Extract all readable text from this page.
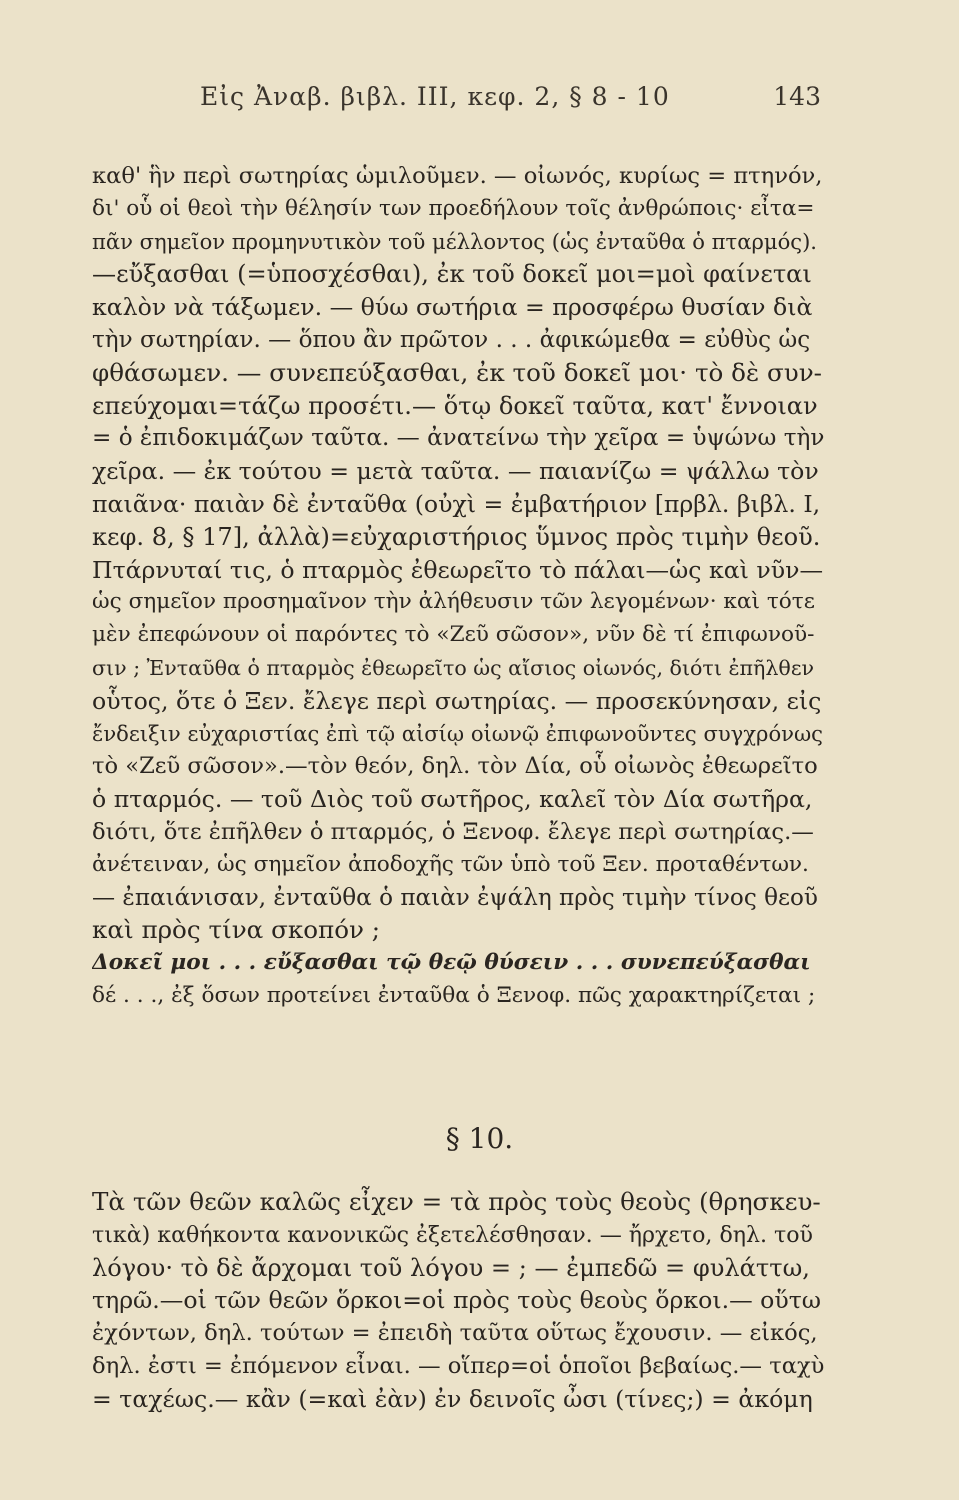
Εἰς Ἀναβ. βιβλ. III, κεφ. 2, § 8 - 10	143
καθ' ἣν περὶ σωτηρίας ὡμιλοῦμεν. — οἰωνός, κυρίως = πτηνόν,
δι' οὗ οἱ θεοὶ τὴν θέλησίν των προεδήλουν τοῖς ἀνθρώποις· εἶτα=
πᾶν σημεῖον προμηνυτικὸν τοῦ μέλλοντος (ὡς ἐνταῦθα ὁ πταρμός).
—εὔξασθαι (=ὑποσχέσθαι), ἐκ τοῦ δοκεῖ μοι=μοὶ φαίνεται
καλὸν νὰ τάξωμεν. — θύω σωτήρια = προσφέρω θυσίαν διὰ
τὴν σωτηρίαν. — ὅπου ἂν πρῶτον . . . ἀφικώμεθα = εὐθὺς ὡς
φθάσωμεν. — συνεπεύξασθαι, ἐκ τοῦ δοκεῖ μοι· τὸ δὲ συν-
επεύχομαι=τάζω προσέτι.— ὅτῳ δοκεῖ ταῦτα, κατ' ἔννοιαν
= ὁ ἐπιδοκιμάζων ταῦτα. — ἀνατείνω τὴν χεῖρα = ὑψώνω τὴν
χεῖρα. — ἐκ τούτου = μετὰ ταῦτα. — παιανίζω = ψάλλω τὸν
παιᾶνα· παιὰν δὲ ἐνταῦθα (οὐχὶ = ἐμβατήριον [πρβλ. βιβλ. I,
κεφ. 8, § 17], ἀλλὰ)=εὐχαριστήριος ὕμνος πρὸς τιμὴν θεοῦ.
Πτάρνυταί τις, ὁ πταρμὸς ἐθεωρεῖτο τὸ πάλαι—ὡς καὶ νῦν—
ὡς σημεῖον προσημαῖνον τὴν ἀλήθευσιν τῶν λεγομένων· καὶ τότε
μὲν ἐπεφώνουν οἱ παρόντες τὸ «Ζεῦ σῶσον», νῦν δὲ τί ἐπιφωνοῦ-
σιν ; Ἐνταῦθα ὁ πταρμὸς ἐθεωρεῖτο ὡς αἴσιος οἰωνός, διότι ἐπῆλθεν
οὗτος, ὅτε ὁ Ξεν. ἔλεγε περὶ σωτηρίας. — προσεκύνησαν, εἰς
ἔνδειξιν εὐχαριστίας ἐπὶ τῷ αἰσίῳ οἰωνῷ ἐπιφωνοῦντες συγχρόνως
τὸ «Ζεῦ σῶσον».—τὸν θεόν, δηλ. τὸν Δία, οὗ οἰωνὸς ἐθεωρεῖτο
ὁ πταρμός. — τοῦ Διὸς τοῦ σωτῆρος, καλεῖ τὸν Δία σωτῆρα,
διότι, ὅτε ἐπῆλθεν ὁ πταρμός, ὁ Ξενοφ. ἔλεγε περὶ σωτηρίας.—
ἀνέτειναν, ὡς σημεῖον ἀποδοχῆς τῶν ὑπὸ τοῦ Ξεν. προταθέντων.
— ἐπαιάνισαν, ἐνταῦθα ὁ παιὰν ἐψάλη πρὸς τιμὴν τίνος θεοῦ
καὶ πρὸς τίνα σκοπόν ;
Δοκεῖ μοι . . . εὔξασθαι τῷ θεῷ θύσειν . . . συνεπεύξασθαι
δέ . . ., ἐξ ὅσων προτείνει ἐνταῦθα ὁ Ξενοφ. πῶς χαρακτηρίζεται ;
§ 10.
Τὰ τῶν θεῶν καλῶς εἶχεν = τὰ πρὸς τοὺς θεοὺς (θρησκευ-
τικὰ) καθήκοντα κανονικῶς ἐξετελέσθησαν. — ἤρχετο, δηλ. τοῦ
λόγου· τὸ δὲ ἄρχομαι τοῦ λόγου = ; — ἐμπεδῶ = φυλάττω,
τηρῶ.—οἱ τῶν θεῶν ὅρκοι=οἱ πρὸς τοὺς θεοὺς ὅρκοι.— οὕτω
ἐχόντων, δηλ. τούτων = ἐπειδὴ ταῦτα οὕτως ἔχουσιν. — εἰκός,
δηλ. ἐστι = ἐπόμενον εἶναι. — οἵπερ=οἱ ὁποῖοι βεβαίως.— ταχὺ
= ταχέως.— κἂν (=καὶ ἐὰν) ἐν δεινοῖς ὦσι (τίνες;) = ἀκόμη
